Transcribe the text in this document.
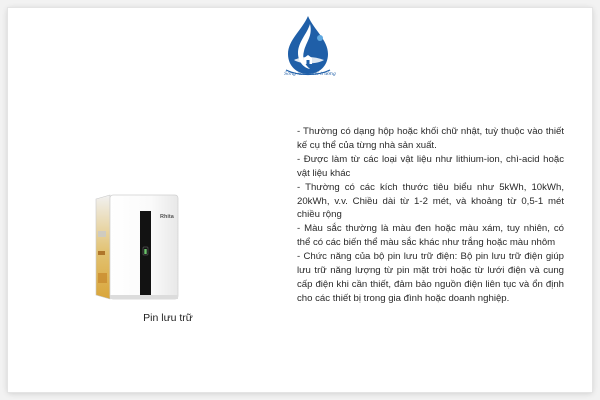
Sống xanh môi trường
Rhita
Pin lưu trữ

- Thường có dạng hộp hoặc khối chữ nhật, tuỳ thuộc vào thiết kế cụ thể của từng nhà sản xuất.

- Được làm từ các loại vật liệu như lithium-ion, chì-acid hoặc vật liệu khác

- Thường có các kích thước tiêu biểu như 5kWh, 10kWh, 20kWh, v.v. Chiều dài từ 1-2 mét, và khoảng từ 0,5-1 mét chiều rộng

- Màu sắc thường là màu đen hoặc màu xám, tuy nhiên, có thể có các biến thể màu sắc khác như trắng hoặc màu nhôm

- Chức năng của bộ pin lưu trữ điện: Bộ pin lưu trữ điện giúp lưu trữ năng lượng từ pin mặt trời hoặc từ lưới điện và cung cấp điện khi cần thiết, đảm bảo nguồn điện liên tục và ổn định cho các thiết bị trong gia đình hoặc doanh nghiệp.
